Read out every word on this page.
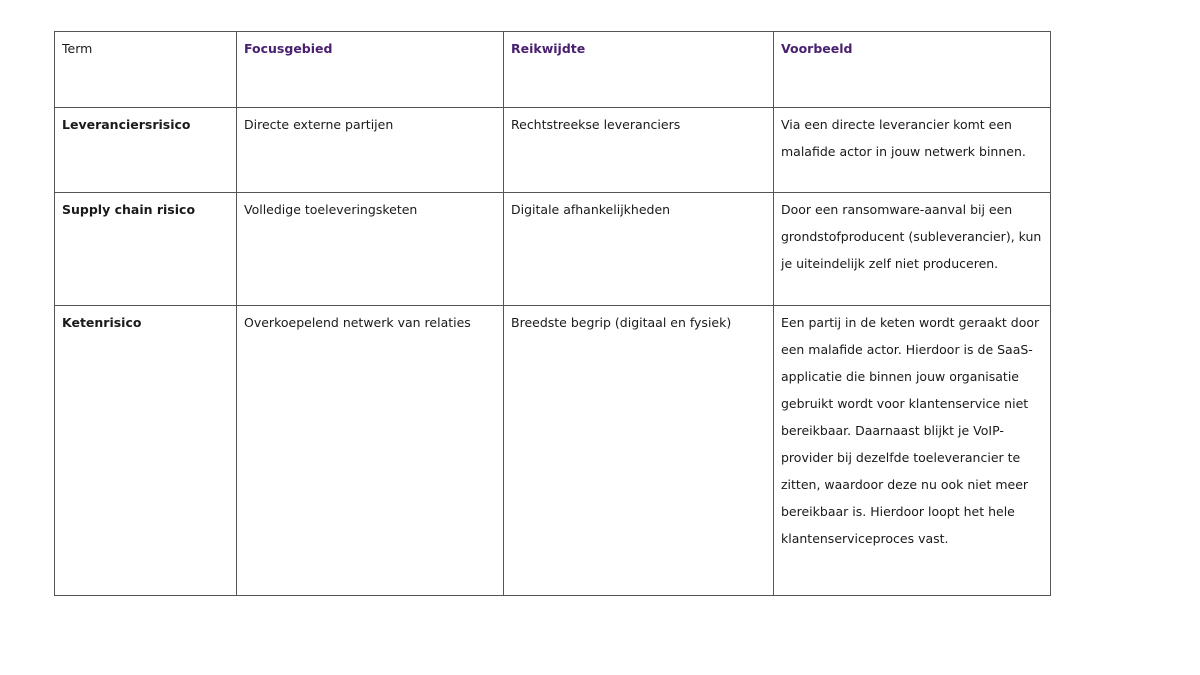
Term	Focusgebied	Reikwijdte	Voorbeeld
Leveranciersrisico	Directe externe partijen	Rechtstreekse leveranciers	Via een directe leverancier komt een malafide actor in jouw netwerk binnen.
Supply chain risico	Volledige toeleveringsketen	Digitale afhankelijkheden	Door een ransomware-aanval bij een grondstofproducent (subleverancier), kun je uiteindelijk zelf niet produceren.
Ketenrisico	Overkoepelend netwerk van relaties	Breedste begrip (digitaal en fysiek)	Een partij in de keten wordt geraakt door een malafide actor. Hierdoor is de SaaS-applicatie die binnen jouw organisatie gebruikt wordt voor klantenservice niet bereikbaar. Daarnaast blijkt je VoIP-provider bij dezelfde toeleverancier te zitten, waardoor deze nu ook niet meer bereikbaar is. Hierdoor loopt het hele klantenserviceproces vast.
